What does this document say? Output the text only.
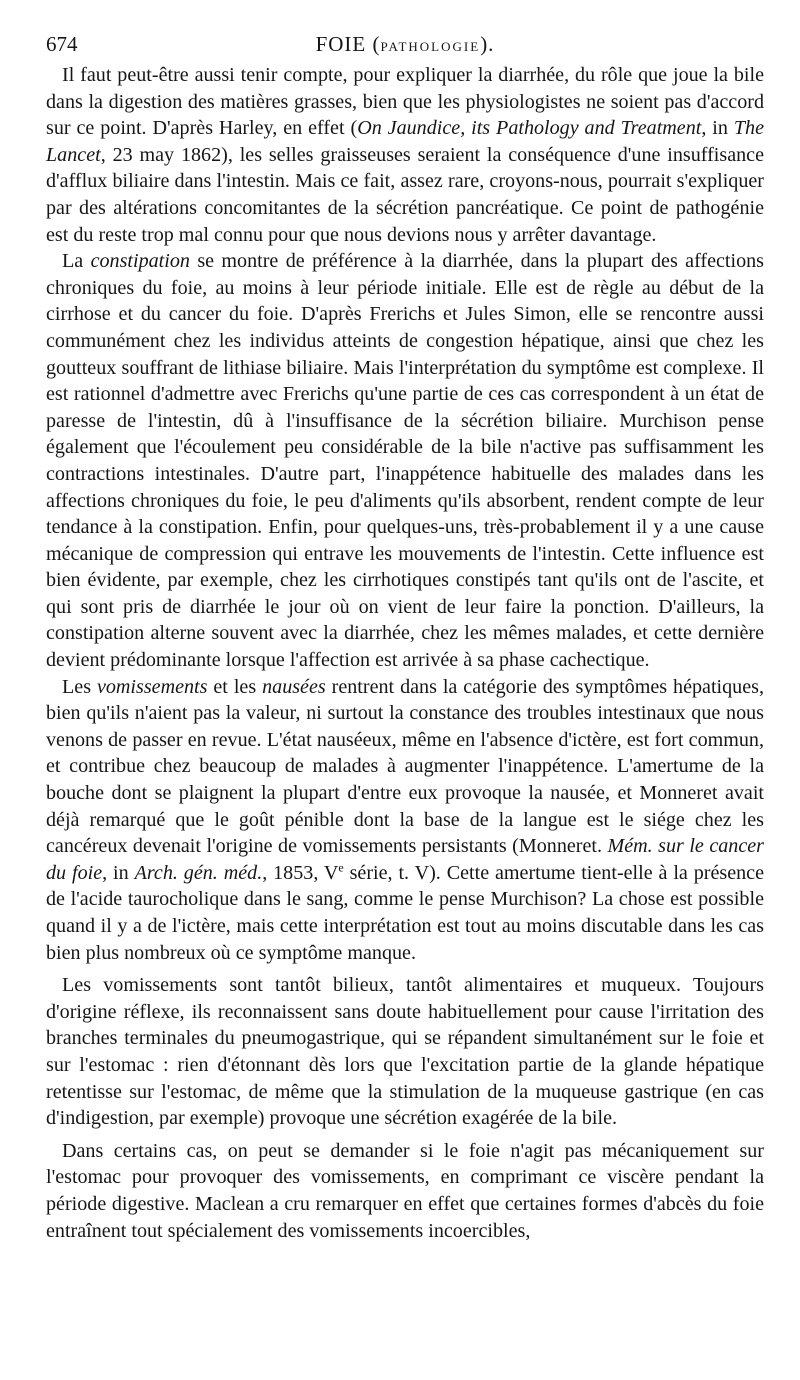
674	FOIE (PATHOLOGIE).

Il faut peut-être aussi tenir compte, pour expliquer la diarrhée, du rôle que joue la bile dans la digestion des matières grasses, bien que les physiologistes ne soient pas d'accord sur ce point. D'après Harley, en effet (On Jaundice, its Pathology and Treatment, in The Lancet, 23 may 1862), les selles graisseuses seraient la conséquence d'une insuffisance d'afflux biliaire dans l'intestin. Mais ce fait, assez rare, croyons-nous, pourrait s'expliquer par des altérations concomitantes de la sécrétion pancréatique. Ce point de pathogénie est du reste trop mal connu pour que nous devions nous y arrêter davantage.

La constipation se montre de préférence à la diarrhée, dans la plupart des affections chroniques du foie, au moins à leur période initiale. Elle est de règle au début de la cirrhose et du cancer du foie. D'après Frerichs et Jules Simon, elle se rencontre aussi communément chez les individus atteints de congestion hépatique, ainsi que chez les goutteux souffrant de lithiase biliaire. Mais l'interprétation du symptôme est complexe. Il est rationnel d'admettre avec Frerichs qu'une partie de ces cas correspondent à un état de paresse de l'intestin, dû à l'insuffisance de la sécrétion biliaire. Murchison pense également que l'écoulement peu considérable de la bile n'active pas suffisamment les contractions intestinales. D'autre part, l'inappétence habituelle des malades dans les affections chroniques du foie, le peu d'aliments qu'ils absorbent, rendent compte de leur tendance à la constipation. Enfin, pour quelques-uns, très-probablement il y a une cause mécanique de compression qui entrave les mouvements de l'intestin. Cette influence est bien évidente, par exemple, chez les cirrhotiques constipés tant qu'ils ont de l'ascite, et qui sont pris de diarrhée le jour où on vient de leur faire la ponction. D'ailleurs, la constipation alterne souvent avec la diarrhée, chez les mêmes malades, et cette dernière devient prédominante lorsque l'affection est arrivée à sa phase cachectique.

Les vomissements et les nausées rentrent dans la catégorie des symptômes hépatiques, bien qu'ils n'aient pas la valeur, ni surtout la constance des troubles intestinaux que nous venons de passer en revue. L'état nauséeux, même en l'absence d'ictère, est fort commun, et contribue chez beaucoup de malades à augmenter l'inappétence. L'amertume de la bouche dont se plaignent la plupart d'entre eux provoque la nausée, et Monneret avait déjà remarqué que le goût pénible dont la base de la langue est le siége chez les cancéreux devenait l'origine de vomissements persistants (Monneret. Mém. sur le cancer du foie, in Arch. gén. méd., 1853, Ve série, t. V). Cette amertume tient-elle à la présence de l'acide taurocholique dans le sang, comme le pense Murchison? La chose est possible quand il y a de l'ictère, mais cette interprétation est tout au moins discutable dans les cas bien plus nombreux où ce symptôme manque.

Les vomissements sont tantôt bilieux, tantôt alimentaires et muqueux. Toujours d'origine réflexe, ils reconnaissent sans doute habituellement pour cause l'irritation des branches terminales du pneumogastrique, qui se répandent simultanément sur le foie et sur l'estomac : rien d'étonnant dès lors que l'excitation partie de la glande hépatique retentisse sur l'estomac, de même que la stimulation de la muqueuse gastrique (en cas d'indigestion, par exemple) provoque une sécrétion exagérée de la bile.

Dans certains cas, on peut se demander si le foie n'agit pas mécaniquement sur l'estomac pour provoquer des vomissements, en comprimant ce viscère pendant la période digestive. Maclean a cru remarquer en effet que certaines formes d'abcès du foie entraînent tout spécialement des vomissements incoercibles,
